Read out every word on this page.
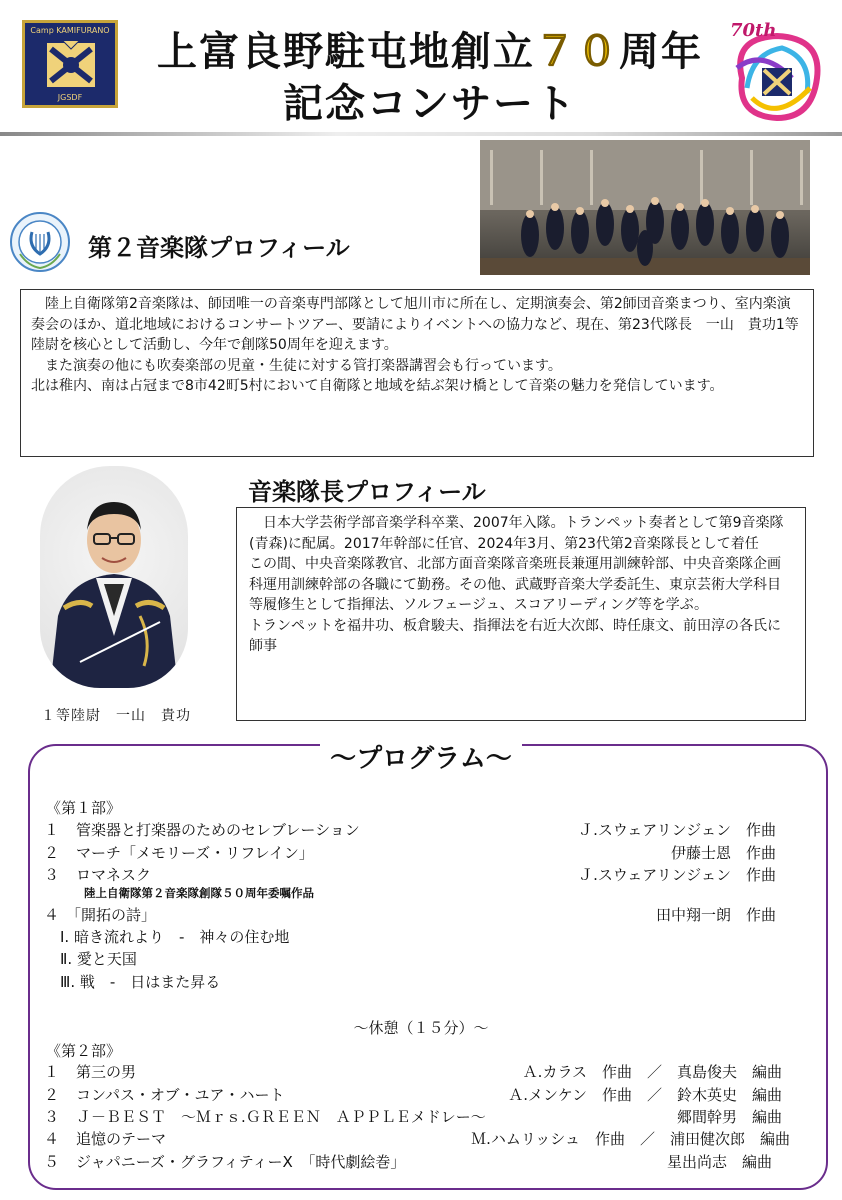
Camp KAMIFURANO
JGSDF
上富良野駐屯地創立７０周年
記念コンサート
70th
第２音楽隊プロフィール

　陸上自衛隊第2音楽隊は、師団唯一の音楽専門部隊として旭川市に所在し、定期演奏会、第2師団音楽まつり、室内楽演奏会のほか、道北地域におけるコンサートツアー、要請によりイベントへの協力など、現在、第23代隊長　一山　貴功1等陸尉を核心として活動し、今年で創隊50周年を迎えます。

　また演奏の他にも吹奏楽部の児童・生徒に対する管打楽器講習会も行っています。

北は稚内、南は占冠まで8市42町5村において自衛隊と地域を結ぶ架け橋として音楽の魅力を発信しています。

音楽隊長プロフィール
１等陸尉　一山　貴功

　日本大学芸術学部音楽学科卒業、2007年入隊。トランペット奏者として第9音楽隊(青森)に配属。2017年幹部に任官、2024年3月、第23代第2音楽隊長として着任

この間、中央音楽隊教官、北部方面音楽隊音楽班長兼運用訓練幹部、中央音楽隊企画科運用訓練幹部の各職にて勤務。その他、武蔵野音楽大学委託生、東京芸術大学科目等履修生として指揮法、ソルフェージュ、スコアリーディング等を学ぶ。

トランペットを福井功、板倉駿夫、指揮法を右近大次郎、時任康文、前田淳の各氏に師事

～プログラム～
《第１部》
１ 管楽器と打楽器のためのセレブレーション	Ｊ.スウェアリンジェン　作曲
２ マーチ「メモリーズ・リフレイン」	伊藤士恩　作曲
３ ロマネスク	Ｊ.スウェアリンジェン　作曲
陸上自衛隊第２音楽隊創隊５０周年委嘱作品
４ 「開拓の詩」	田中翔一朗　作曲
Ⅰ. 暗き流れより　-　神々の住む地
Ⅱ. 愛と天国
Ⅲ. 戦　-　日はまた昇る
～休憩（１５分）～
《第２部》
１ 第三の男	Ａ.カラス　作曲　／　真島俊夫　編曲
２ コンパス・オブ・ユア・ハート	Ａ.メンケン　作曲　／　鈴木英史　編曲
３ Ｊ－ＢＥＳＴ　～Ｍｒｓ.ＧＲＥＥＮ　ＡＰＰＬＥメドレー～	郷間幹男　編曲
４ 追憶のテーマ	Ｍ.ハムリッシュ　作曲　／　浦田健次郎　編曲
５ ジャパニーズ・グラフィティーⅩ　「時代劇絵巻」	星出尚志　編曲
